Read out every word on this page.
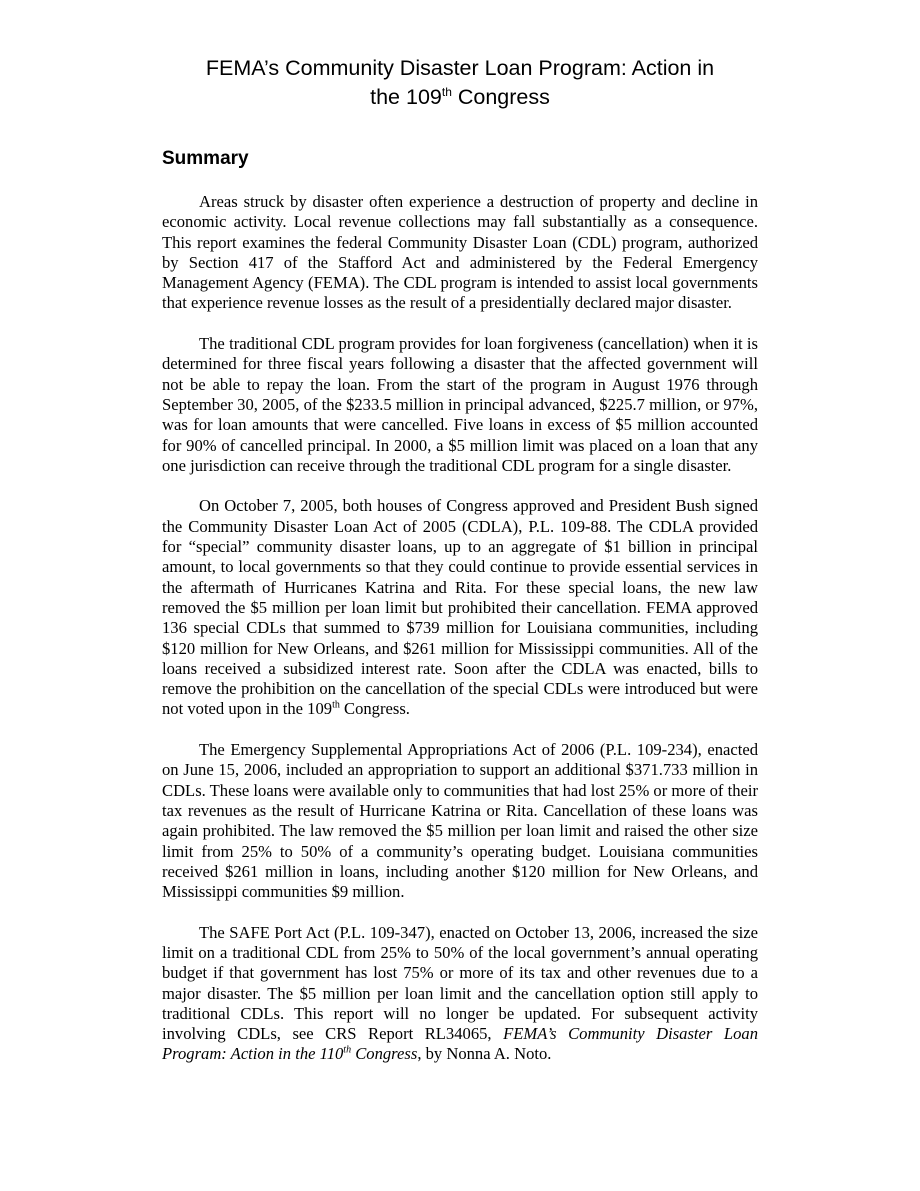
FEMA’s Community Disaster Loan Program: Action in
the 109th Congress
Summary

Areas struck by disaster often experience a destruction of property and decline in economic activity. Local revenue collections may fall substantially as a consequence. This report examines the federal Community Disaster Loan (CDL) program, authorized by Section 417 of the Stafford Act and administered by the Federal Emergency Management Agency (FEMA). The CDL program is intended to assist local governments that experience revenue losses as the result of a presidentially declared major disaster.

The traditional CDL program provides for loan forgiveness (cancellation) when it is determined for three fiscal years following a disaster that the affected government will not be able to repay the loan. From the start of the program in August 1976 through September 30, 2005, of the $233.5 million in principal advanced, $225.7 million, or 97%, was for loan amounts that were cancelled. Five loans in excess of $5 million accounted for 90% of cancelled principal. In 2000, a $5 million limit was placed on a loan that any one jurisdiction can receive through the traditional CDL program for a single disaster.

On October 7, 2005, both houses of Congress approved and President Bush signed the Community Disaster Loan Act of 2005 (CDLA), P.L. 109-88. The CDLA provided for “special” community disaster loans, up to an aggregate of $1 billion in principal amount, to local governments so that they could continue to provide essential services in the aftermath of Hurricanes Katrina and Rita. For these special loans, the new law removed the $5 million per loan limit but prohibited their cancellation. FEMA approved 136 special CDLs that summed to $739 million for Louisiana communities, including $120 million for New Orleans, and $261 million for Mississippi communities. All of the loans received a subsidized interest rate. Soon after the CDLA was enacted, bills to remove the prohibition on the cancellation of the special CDLs were introduced but were not voted upon in the 109th Congress.

The Emergency Supplemental Appropriations Act of 2006 (P.L. 109-234), enacted on June 15, 2006, included an appropriation to support an additional $371.733 million in CDLs. These loans were available only to communities that had lost 25% or more of their tax revenues as the result of Hurricane Katrina or Rita. Cancellation of these loans was again prohibited. The law removed the $5 million per loan limit and raised the other size limit from 25% to 50% of a community’s operating budget. Louisiana communities received $261 million in loans, including another $120 million for New Orleans, and Mississippi communities $9 million.

The SAFE Port Act (P.L. 109-347), enacted on October 13, 2006, increased the size limit on a traditional CDL from 25% to 50% of the local government’s annual operating budget if that government has lost 75% or more of its tax and other revenues due to a major disaster. The $5 million per loan limit and the cancellation option still apply to traditional CDLs. This report will no longer be updated. For subsequent activity involving CDLs, see CRS Report RL34065, FEMA’s Community Disaster Loan Program: Action in the 110th Congress, by Nonna A. Noto.
